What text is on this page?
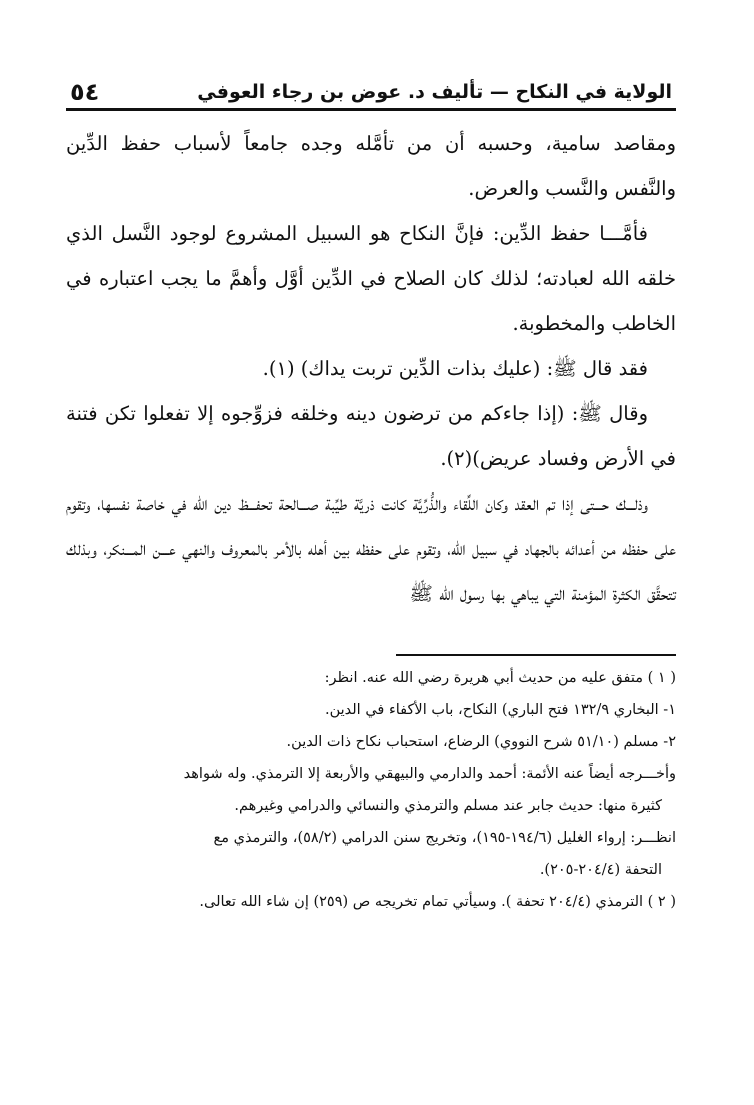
الولاية في النكاح — تأليف د. عوض بن رجاء العوفي
٥٤

ومقاصد سامية، وحسبه أن من تأمَّله وجده جامعاً لأسباب حفظ الدِّين والنَّفس والنَّسب والعرض.

فأمَّـــا حفظ الدِّين: فإنَّ النكاح هو السبيل المشروع لوجود النَّسل الذي خلقه الله لعبادته؛ لذلك كان الصلاح في الدِّين أوَّل وأهمَّ ما يجب اعتباره في الخاطب والمخطوبة.

فقد قال ﷺ: (عليك بذات الدِّين تربت يداك) (١).

وقال ﷺ: (إذا جاءكم من ترضون دينه وخلقه فزوِّجوه إلا تفعلوا تكن فتنة في الأرض وفساد عريض)(٢).

وذلـــك حـــتى إذا تم العقد وكان اللِّقاء والذُّرِّيَّة كانت ذريَّة طيِّبة صـــالحة تحفـــظ دين الله في خاصة نفسها، وتقوم على حفظه من أعدائه بالجهاد في سبيل الله، وتقوم على حفظه بين أهله بالأمر بالمعروف والنهي عـــن المـــنكر، وبذلك تتحقَّق الكثرة المؤمنة التي يباهي بها رسول الله ﷺ

( ١ ) متفق عليه من حديث أبي هريرة رضي الله عنه. انظر:

١- البخاري ١٣٢/٩ فتح الباري) النكاح، باب الأكفاء في الدين.

٢- مسلم (٥١/١٠ شرح النووي) الرضاع، استحباب نكاح ذات الدين.

وأخـــرجه أيضاً عنه الأئمة: أحمد والدارمي والبيهقي والأربعة إلا الترمذي. وله شواهد

كثيرة منها: حديث جابر عند مسلم والترمذي والنسائي والدرامي وغيرهم.

انظـــر: إرواء الغليل (١٩٤/٦-١٩٥)، وتخريج سنن الدرامي (٥٨/٢)، والترمذي مع

التحفة (٢٠٤/٤-٢٠٥).

( ٢ ) الترمذي (٢٠٤/٤ تحفة ). وسيأتي تمام تخريجه ص (٢٥٩) إن شاء الله تعالى.
